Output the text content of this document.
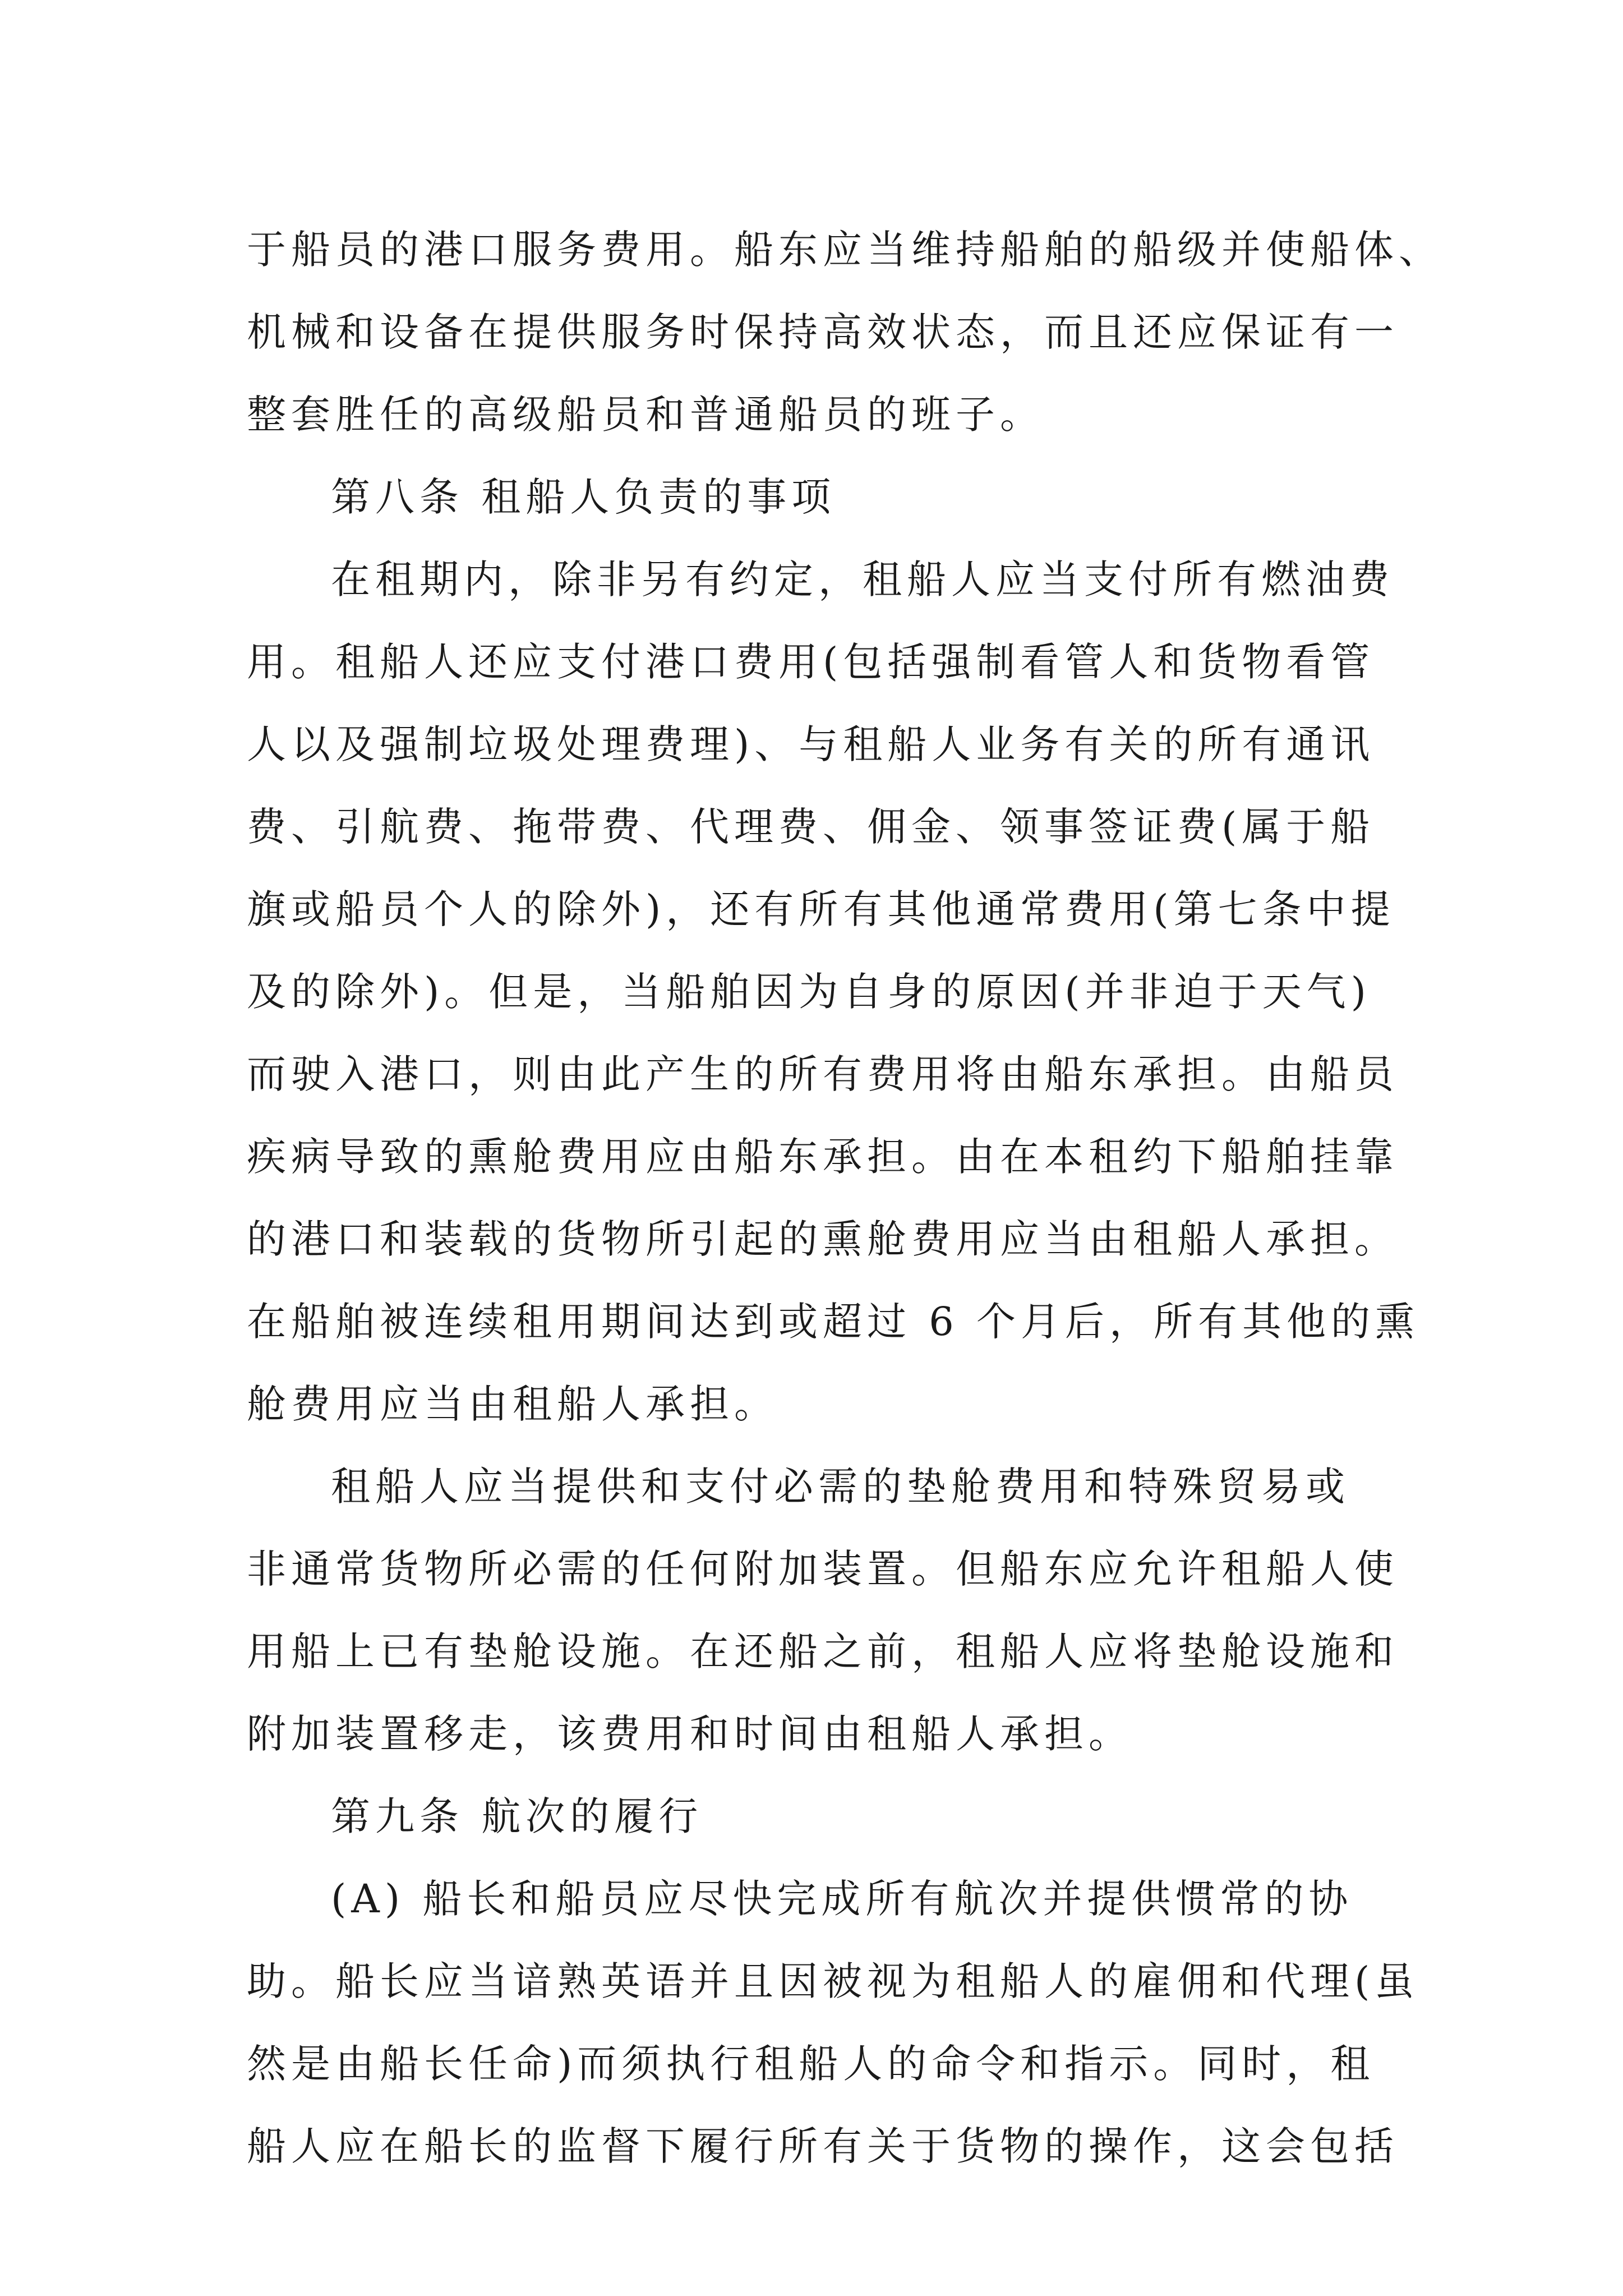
于船员的港口服务费用。船东应当维持船舶的船级并使船体、
机械和设备在提供服务时保持高效状态，而且还应保证有一
整套胜任的高级船员和普通船员的班子。
第八条 租船人负责的事项
在租期内，除非另有约定，租船人应当支付所有燃油费
用。租船人还应支付港口费用(包括强制看管人和货物看管
人以及强制垃圾处理费理)、与租船人业务有关的所有通讯
费、引航费、拖带费、代理费、佣金、领事签证费(属于船
旗或船员个人的除外)，还有所有其他通常费用(第七条中提
及的除外)。但是，当船舶因为自身的原因(并非迫于天气)
而驶入港口，则由此产生的所有费用将由船东承担。由船员
疾病导致的熏舱费用应由船东承担。由在本租约下船舶挂靠
的港口和装载的货物所引起的熏舱费用应当由租船人承担。
在船舶被连续租用期间达到或超过 6 个月后，所有其他的熏
舱费用应当由租船人承担。
租船人应当提供和支付必需的垫舱费用和特殊贸易或
非通常货物所必需的任何附加装置。但船东应允许租船人使
用船上已有垫舱设施。在还船之前，租船人应将垫舱设施和
附加装置移走，该费用和时间由租船人承担。
第九条 航次的履行
(A) 船长和船员应尽快完成所有航次并提供惯常的协
助。船长应当谙熟英语并且因被视为租船人的雇佣和代理(虽
然是由船长任命)而须执行租船人的命令和指示。同时，租
船人应在船长的监督下履行所有关于货物的操作，这会包括
